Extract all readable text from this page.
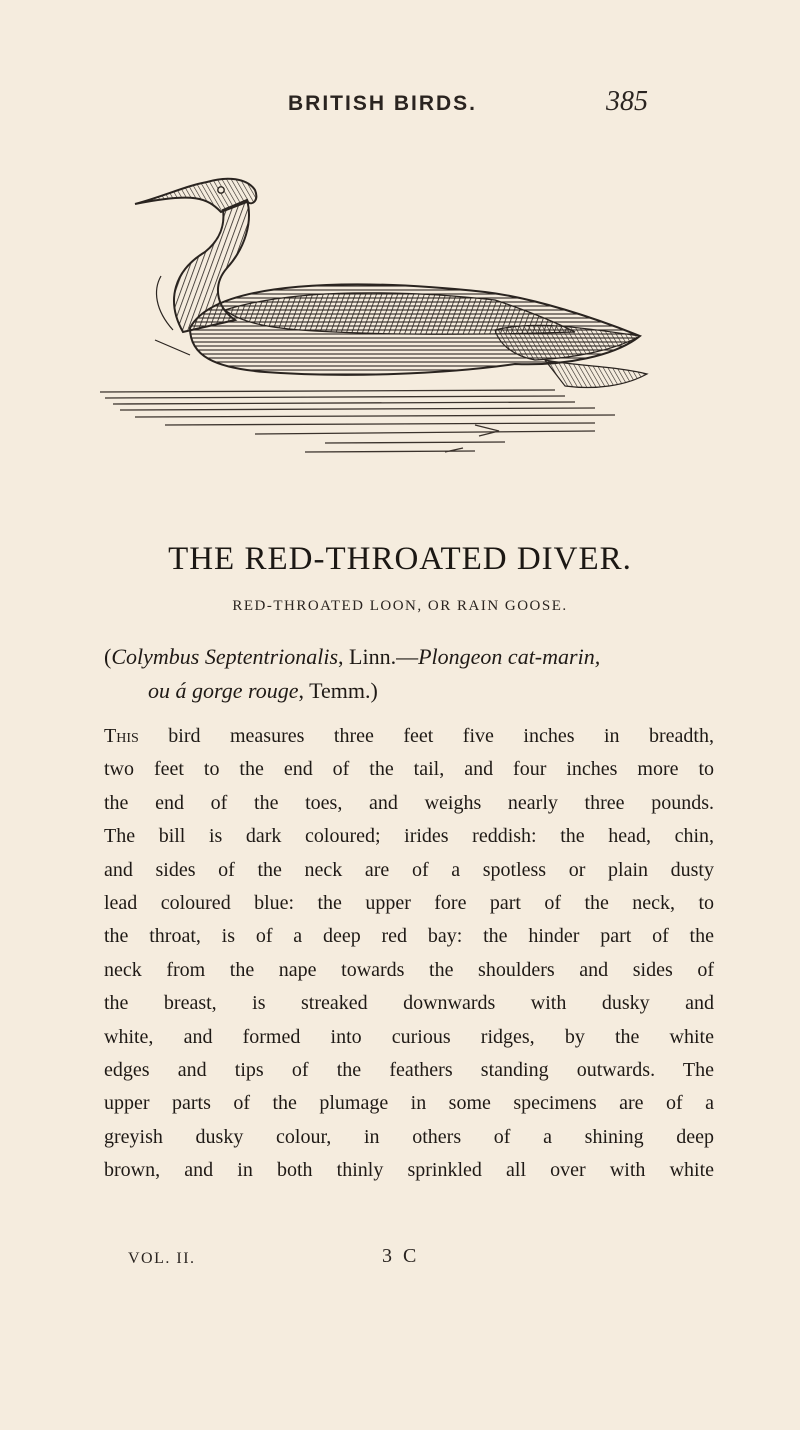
BRITISH BIRDS.	385
THE RED-THROATED DIVER.
RED-THROATED LOON, OR RAIN GOOSE.
(Colymbus Septentrionalis, Linn.—Plongeon cat-marin,
ou á gorge rouge, Temm.)
This bird measures three feet five inches in breadth,
two feet to the end of the tail, and four inches more to
the end of the toes, and weighs nearly three pounds.
The bill is dark coloured; irides reddish: the head, chin,
and sides of the neck are of a spotless or plain dusty
lead coloured blue: the upper fore part of the neck, to
the throat, is of a deep red bay: the hinder part of the
neck from the nape towards the shoulders and sides of
the breast, is streaked downwards with dusky and
white, and formed into curious ridges, by the white
edges and tips of the feathers standing outwards. The
upper parts of the plumage in some specimens are of a
greyish dusky colour, in others of a shining deep
brown, and in both thinly sprinkled all over with white
VOL. II.	3 C
